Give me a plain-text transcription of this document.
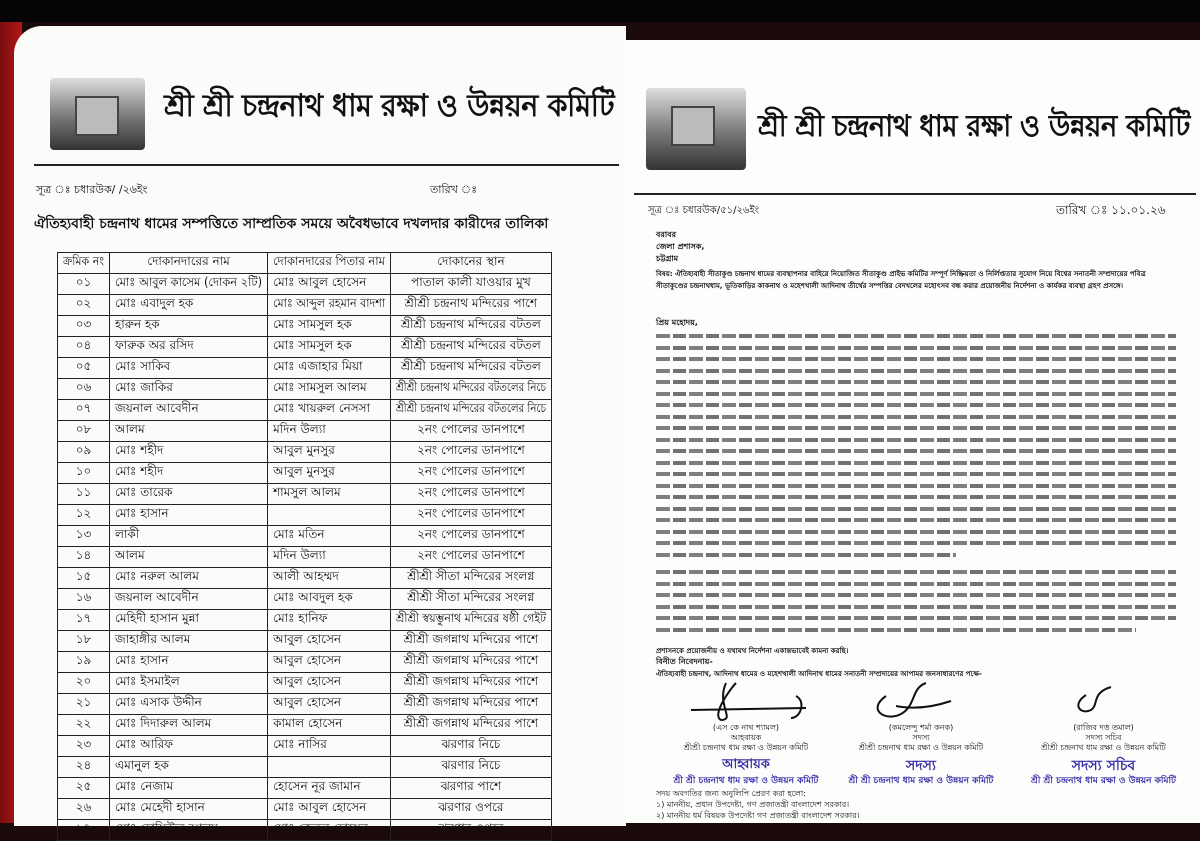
শ্রী শ্রী চন্দ্রনাথ ধাম রক্ষা ও উন্নয়ন কমিটি
সূত্র ঃ চধারউক/ /২৬ইং	তারিখ ঃ
ঐতিহ্যবাহী চন্দ্রনাথ ধামের সম্পত্তিতে সাম্প্রতিক সময়ে অবৈধভাবে দখলদার কারীদের তালিকা
ক্রমিক নং	দোকানদারের নাম	দোকানদারের পিতার নাম	দোকানের স্থান
০১	মোঃ আবুল কাসেম (দোকন ২টি)	মোঃ আবুল হোসেন	পাতাল কালী যাওয়ার মুখ
০২	মোঃ এবাদুল হক	মোঃ আব্দুল রহমান বাদশা	শ্রীশ্রী চন্দ্রনাথ মন্দিরের পাশে
০৩	হারুন হক	মোঃ সামসুল হক	শ্রীশ্রী চন্দ্রনাথ মন্দিরের বটতল
০৪	ফারুক অর রসিদ	মোঃ সামসুল হক	শ্রীশ্রী চন্দ্রনাথ মন্দিরের বটতল
০৫	মোঃ সাকিব	মোঃ এজাহার মিয়া	শ্রীশ্রী চন্দ্রনাথ মন্দিরের বটতল
০৬	মোঃ জাকির	মোঃ সামসুল আলম	শ্রীশ্রী চন্দ্রনাথ মন্দিরের বটতলের নিচে
০৭	জয়নাল আবেদীন	মোঃ খায়রুল নেসসা	শ্রীশ্রী চন্দ্রনাথ মন্দিরের বটতলের নিচে
০৮	আলম	মদিন উল্যা	২নং পোলের ডানপাশে
০৯	মোঃ শহীদ	আবুল মুনসুর	২নং পোলের ডানপাশে
১০	মোঃ শহীদ	আবুল মুনসুর	২নং পোলের ডানপাশে
১১	মোঃ তারেক	শামসুল আলম	২নং পোলের ডানপাশে
১২	মোঃ হাসান		২নং পোলের ডানপাশে
১৩	লাকী	মোঃ মতিন	২নং পোলের ডানপাশে
১৪	আলম	মদিন উল্যা	২নং পোলের ডানপাশে
১৫	মোঃ নরুল আলম	আলী আহম্মদ	শ্রীশ্রী সীতা মন্দিরের সংলগ্ন
১৬	জয়নাল আবেদীন	মোঃ আবদুল হক	শ্রীশ্রী সীতা মন্দিরের সংলগ্ন
১৭	মেহিদী হাসান মুন্না	মোঃ হানিফ	শ্রীশ্রী স্বয়ম্ভুনাথ মন্দিরের ষষ্ঠী গেইট
১৮	জাহাঙ্গীর আলম	আবুল হোসেন	শ্রীশ্রী জগন্নাথ মন্দিরের পাশে
১৯	মোঃ হাসান	আবুল হোসেন	শ্রীশ্রী জগন্নাথ মন্দিরের পাশে
২০	মোঃ ইসমাইল	আবুল হোসেন	শ্রীশ্রী জগন্নাথ মন্দিরের পাশে
২১	মোঃ এসাক উদ্দীন	আবুল হোসেন	শ্রীশ্রী জগন্নাথ মন্দিরের পাশে
২২	মোঃ দিদারুল আলম	কামাল হোসেন	শ্রীশ্রী জগন্নাথ মন্দিরের পাশে
২৩	মোঃ আরিফ	মোঃ নাসির	ঝরণার নিচে
২৪	এমানুল হক		ঝরণার নিচে
২৫	মোঃ নেজাম	হোসেন নূর জামান	ঝরণার পাশে
২৬	মোঃ মেহেদী হাসান	মোঃ আবুল হোসেন	ঝরণার ওপরে
২৭	মোঃ হোসিউল আলম	মোঃ জেবল হোসেন	ঝরণার ওপরে
শ্রী শ্রী চন্দ্রনাথ ধাম রক্ষা ও উন্নয়ন কমিটি
সূত্র ঃ চধারউক/৫১/২৬ইং	তারিখ ঃ ১১.০১.২৬
বরাবর
জেলা প্রশাসক,
চট্টগ্রাম
বিষয়: ঐতিহ্যবাহী সীতাকুণ্ড চন্দ্রনাথ ধামের ব্যবস্থাপনার বাহিরে নিয়োজিত সীতাকুণ্ড প্রাইভ কমিটির সম্পূর্ণ নিষ্ক্রিয়তা ও নির্লিপ্ততার সুযোগ নিয়ে বিশ্বের সনাতনী সম্প্রদায়ের পবিত্র সীতাকুণ্ডের চন্দ্রনাথধাম, ভূতিকাড়ির কাকনাথ ও মহেশখালী আদিনাথ তীর্থের সম্পত্তির বেদখলের মহোৎসব বন্ধ করার প্রয়োজনীয় নির্দেশনা ও কার্যকর ব্যবস্থা গ্রহণ প্রসঙ্গে।
প্রিয় মহোদয়,
প্রশাসনকে প্রয়োজনীয় ও যথাযথ নির্দেশনা একান্তভাবেই কামনা করছি।
বিনীত নিবেদনায়-
ঐতিহ্যবাহী চন্দ্রনাথ, আদিনাথ ধামের ও মহেশখালী আদিনাথ ধামের সনাতনী সম্প্রদায়ের আপামর জনসাধারণের পক্ষে-
(এস কে নাথ শ্যামল)
আহবায়ক
শ্রীশ্রী চন্দ্রনাথ ধাম রক্ষা ও উন্নয়ন কমিটি
(কমলেন্দু শর্মা কনক)
সদস্য
শ্রীশ্রী চন্দ্রনাথ ধাম রক্ষা ও উন্নয়ন কমিটি
(রাজিব দত্ত তমাল)
সদস্য সচিব
শ্রীশ্রী চন্দ্রনাথ ধাম রক্ষা ও উন্নয়ন কমিটি
আহ্বায়ক
শ্রী শ্রী চন্দ্রনাথ ধাম রক্ষা ও উন্নয়ন কমিটি
সদস্য
শ্রী শ্রী চন্দ্রনাথ ধাম রক্ষা ও উন্নয়ন কমিটি
সদস্য সচিব
শ্রী শ্রী চন্দ্রনাথ ধাম রক্ষা ও উন্নয়ন কমিটি
সদয় অবগতির জন্য অনুলিপি প্রেরণ করা হলো:
১) মাননীয়, প্রধান উপদেষ্টা, গণ প্রজাতন্ত্রী বাংলাদেশ সরকার।
২) মাননীয় ধর্ম বিষয়ক উপদেষ্টা গণ প্রজাতন্ত্রী বাংলাদেশ সরকার।
